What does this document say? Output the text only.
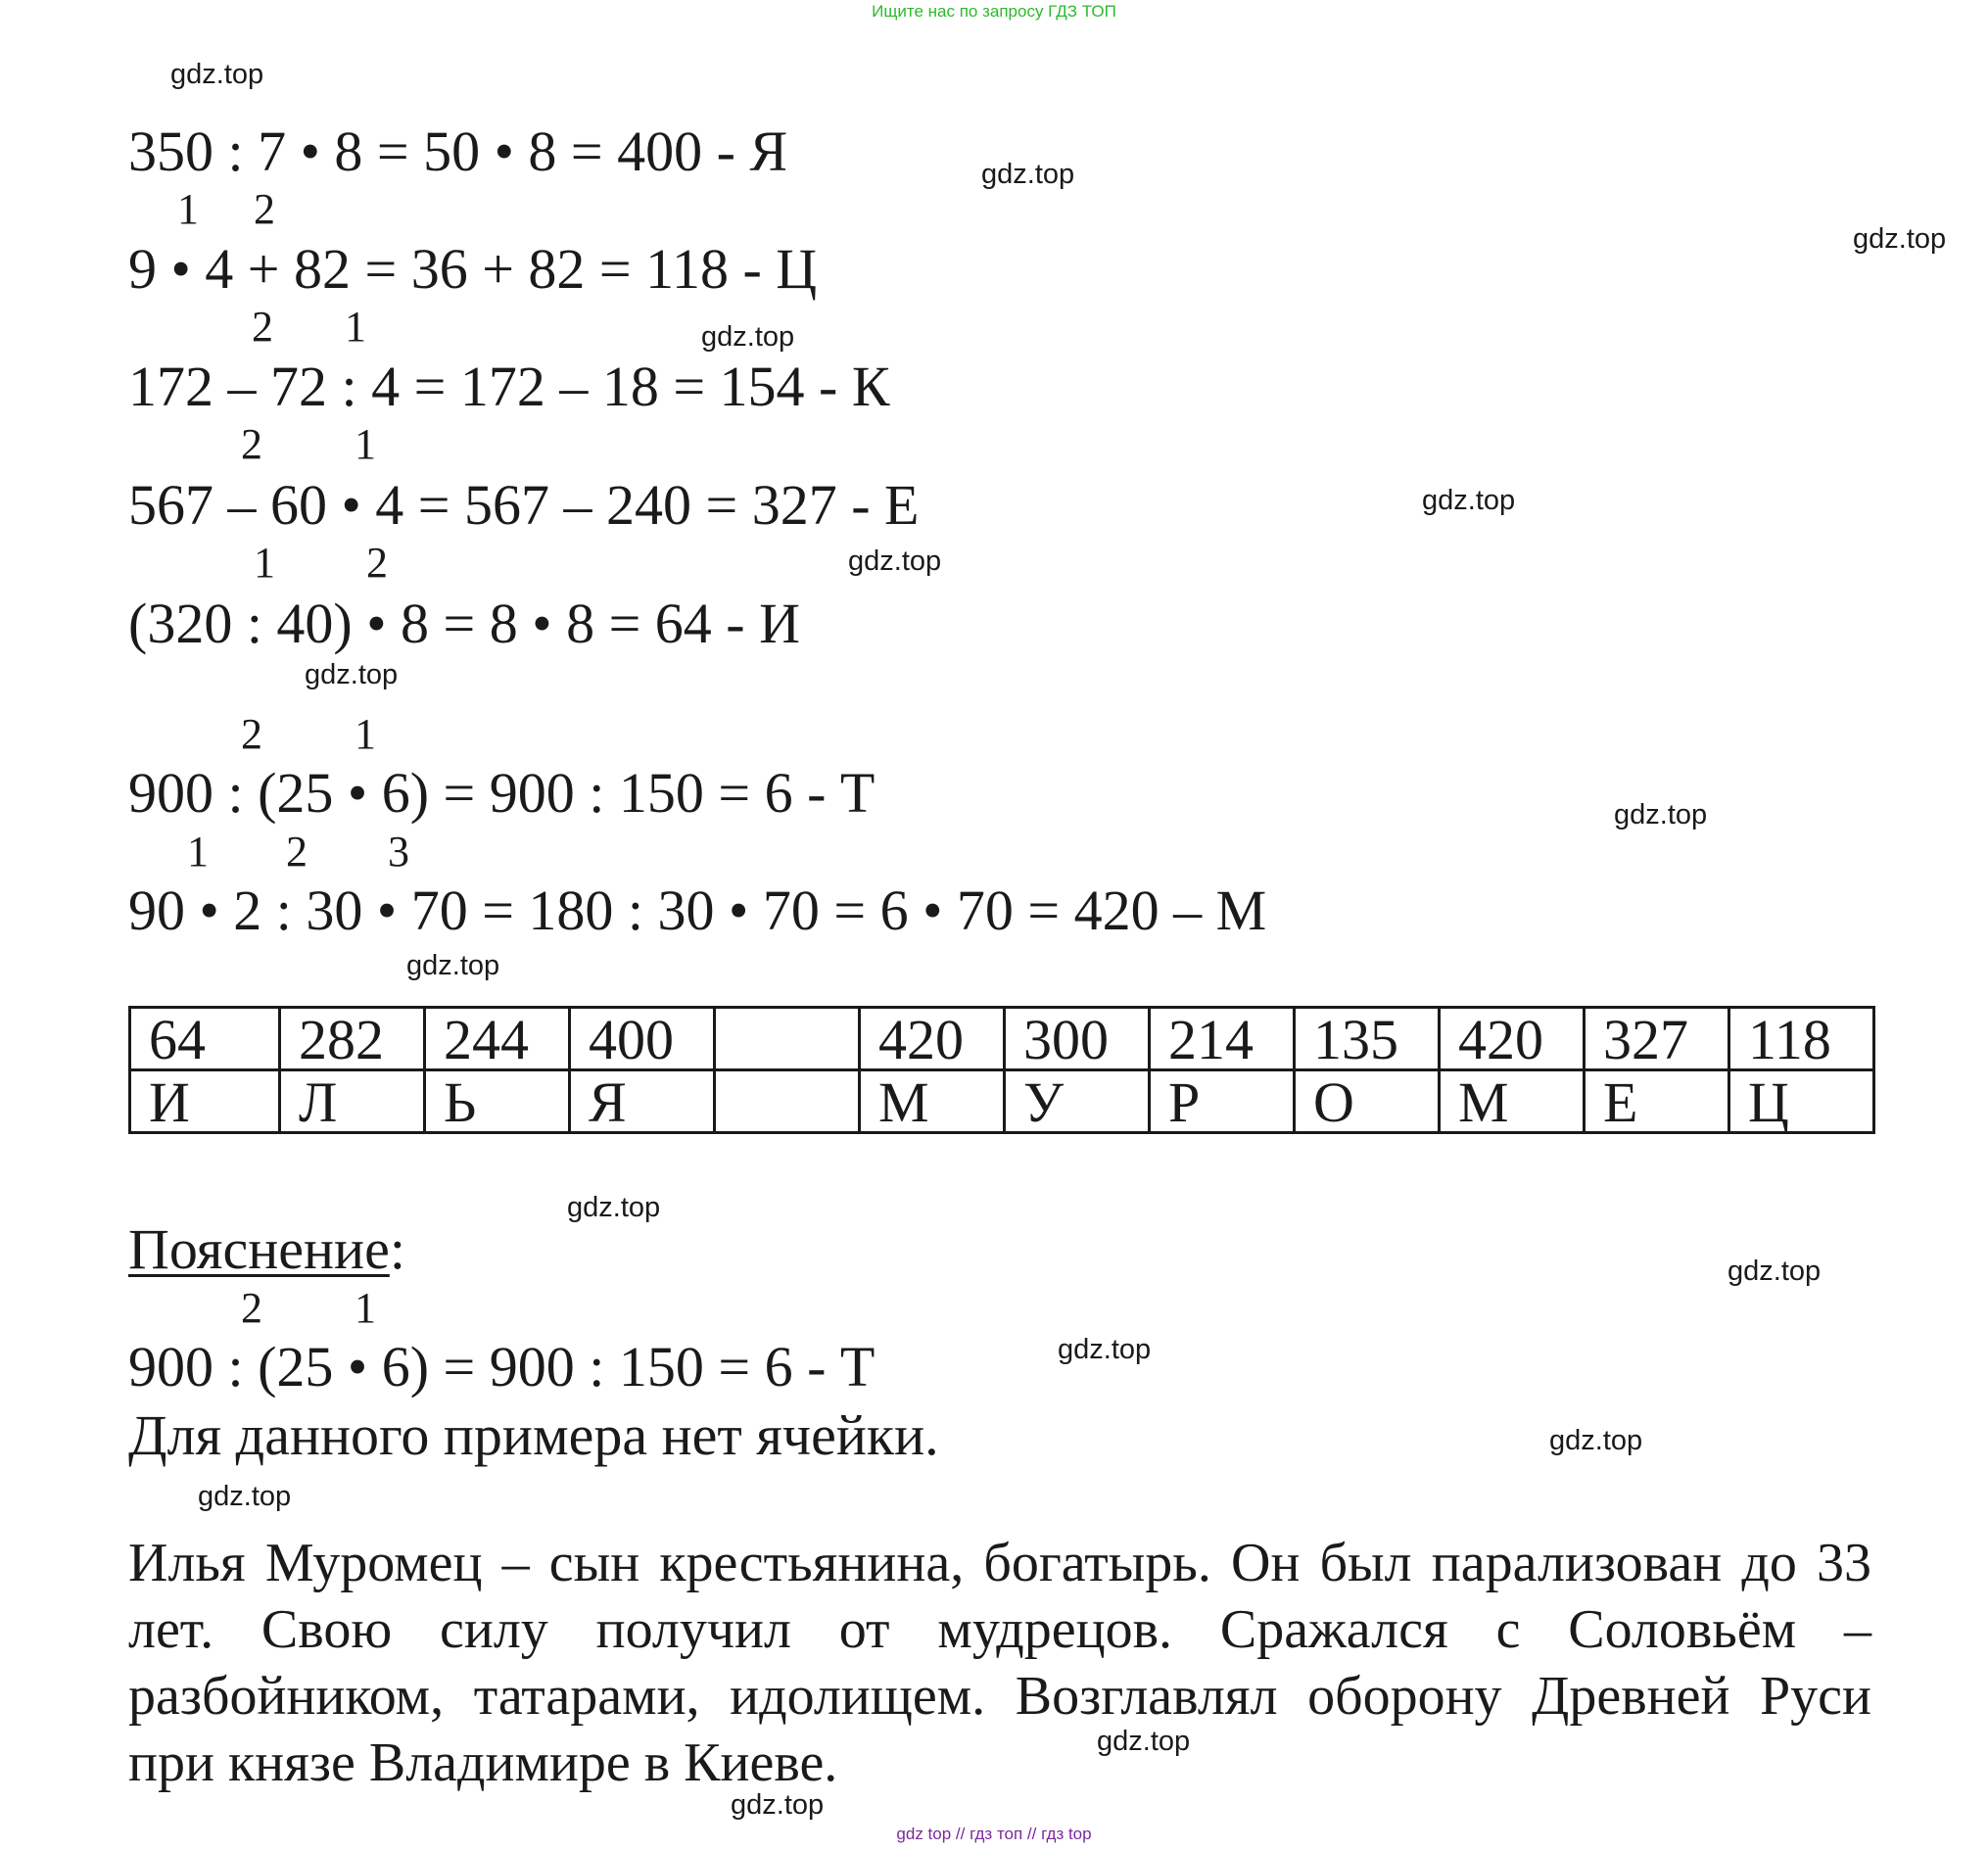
Ищите нас по запросу ГДЗ ТОП
gdz.top
gdz.top
gdz.top
gdz.top
gdz.top
gdz.top
gdz.top
gdz.top
gdz.top
gdz.top
gdz.top
gdz.top
gdz.top
gdz.top
gdz.top
gdz.top
350 : 7 • 8 = 50 • 8 = 400 - Я
1 2
9 • 4 + 82 = 36 + 82 = 118 - Ц
2 1
172 – 72 : 4 = 172 – 18 = 154 - К
2 1
567 – 60 • 4 = 567 – 240 = 327 - Е
1 2
(320 : 40) • 8 = 8 • 8 = 64 - И
2 1
900 : (25 • 6) = 900 : 150 = 6 - Т
1 2 3
90 • 2 : 30 • 70 = 180 : 30 • 70 = 6 • 70 = 420 – М
64	282	244	400		420	300	214	135	420	327	118
И	Л	Ь	Я		М	У	Р	О	М	Е	Ц
Пояснение:
2 1
900 : (25 • 6) = 900 : 150 = 6 - Т
Для данного примера нет ячейки.
Илья Муромец – сын крестьянина, богатырь. Он был парализован до 33 лет. Свою силу получил от мудрецов. Сражался с Соловьём – разбойником, татарами, идолищем. Возглавлял оборону Древней Руси при князе Владимире в Киеве.
gdz top // гдз топ // гдз top
